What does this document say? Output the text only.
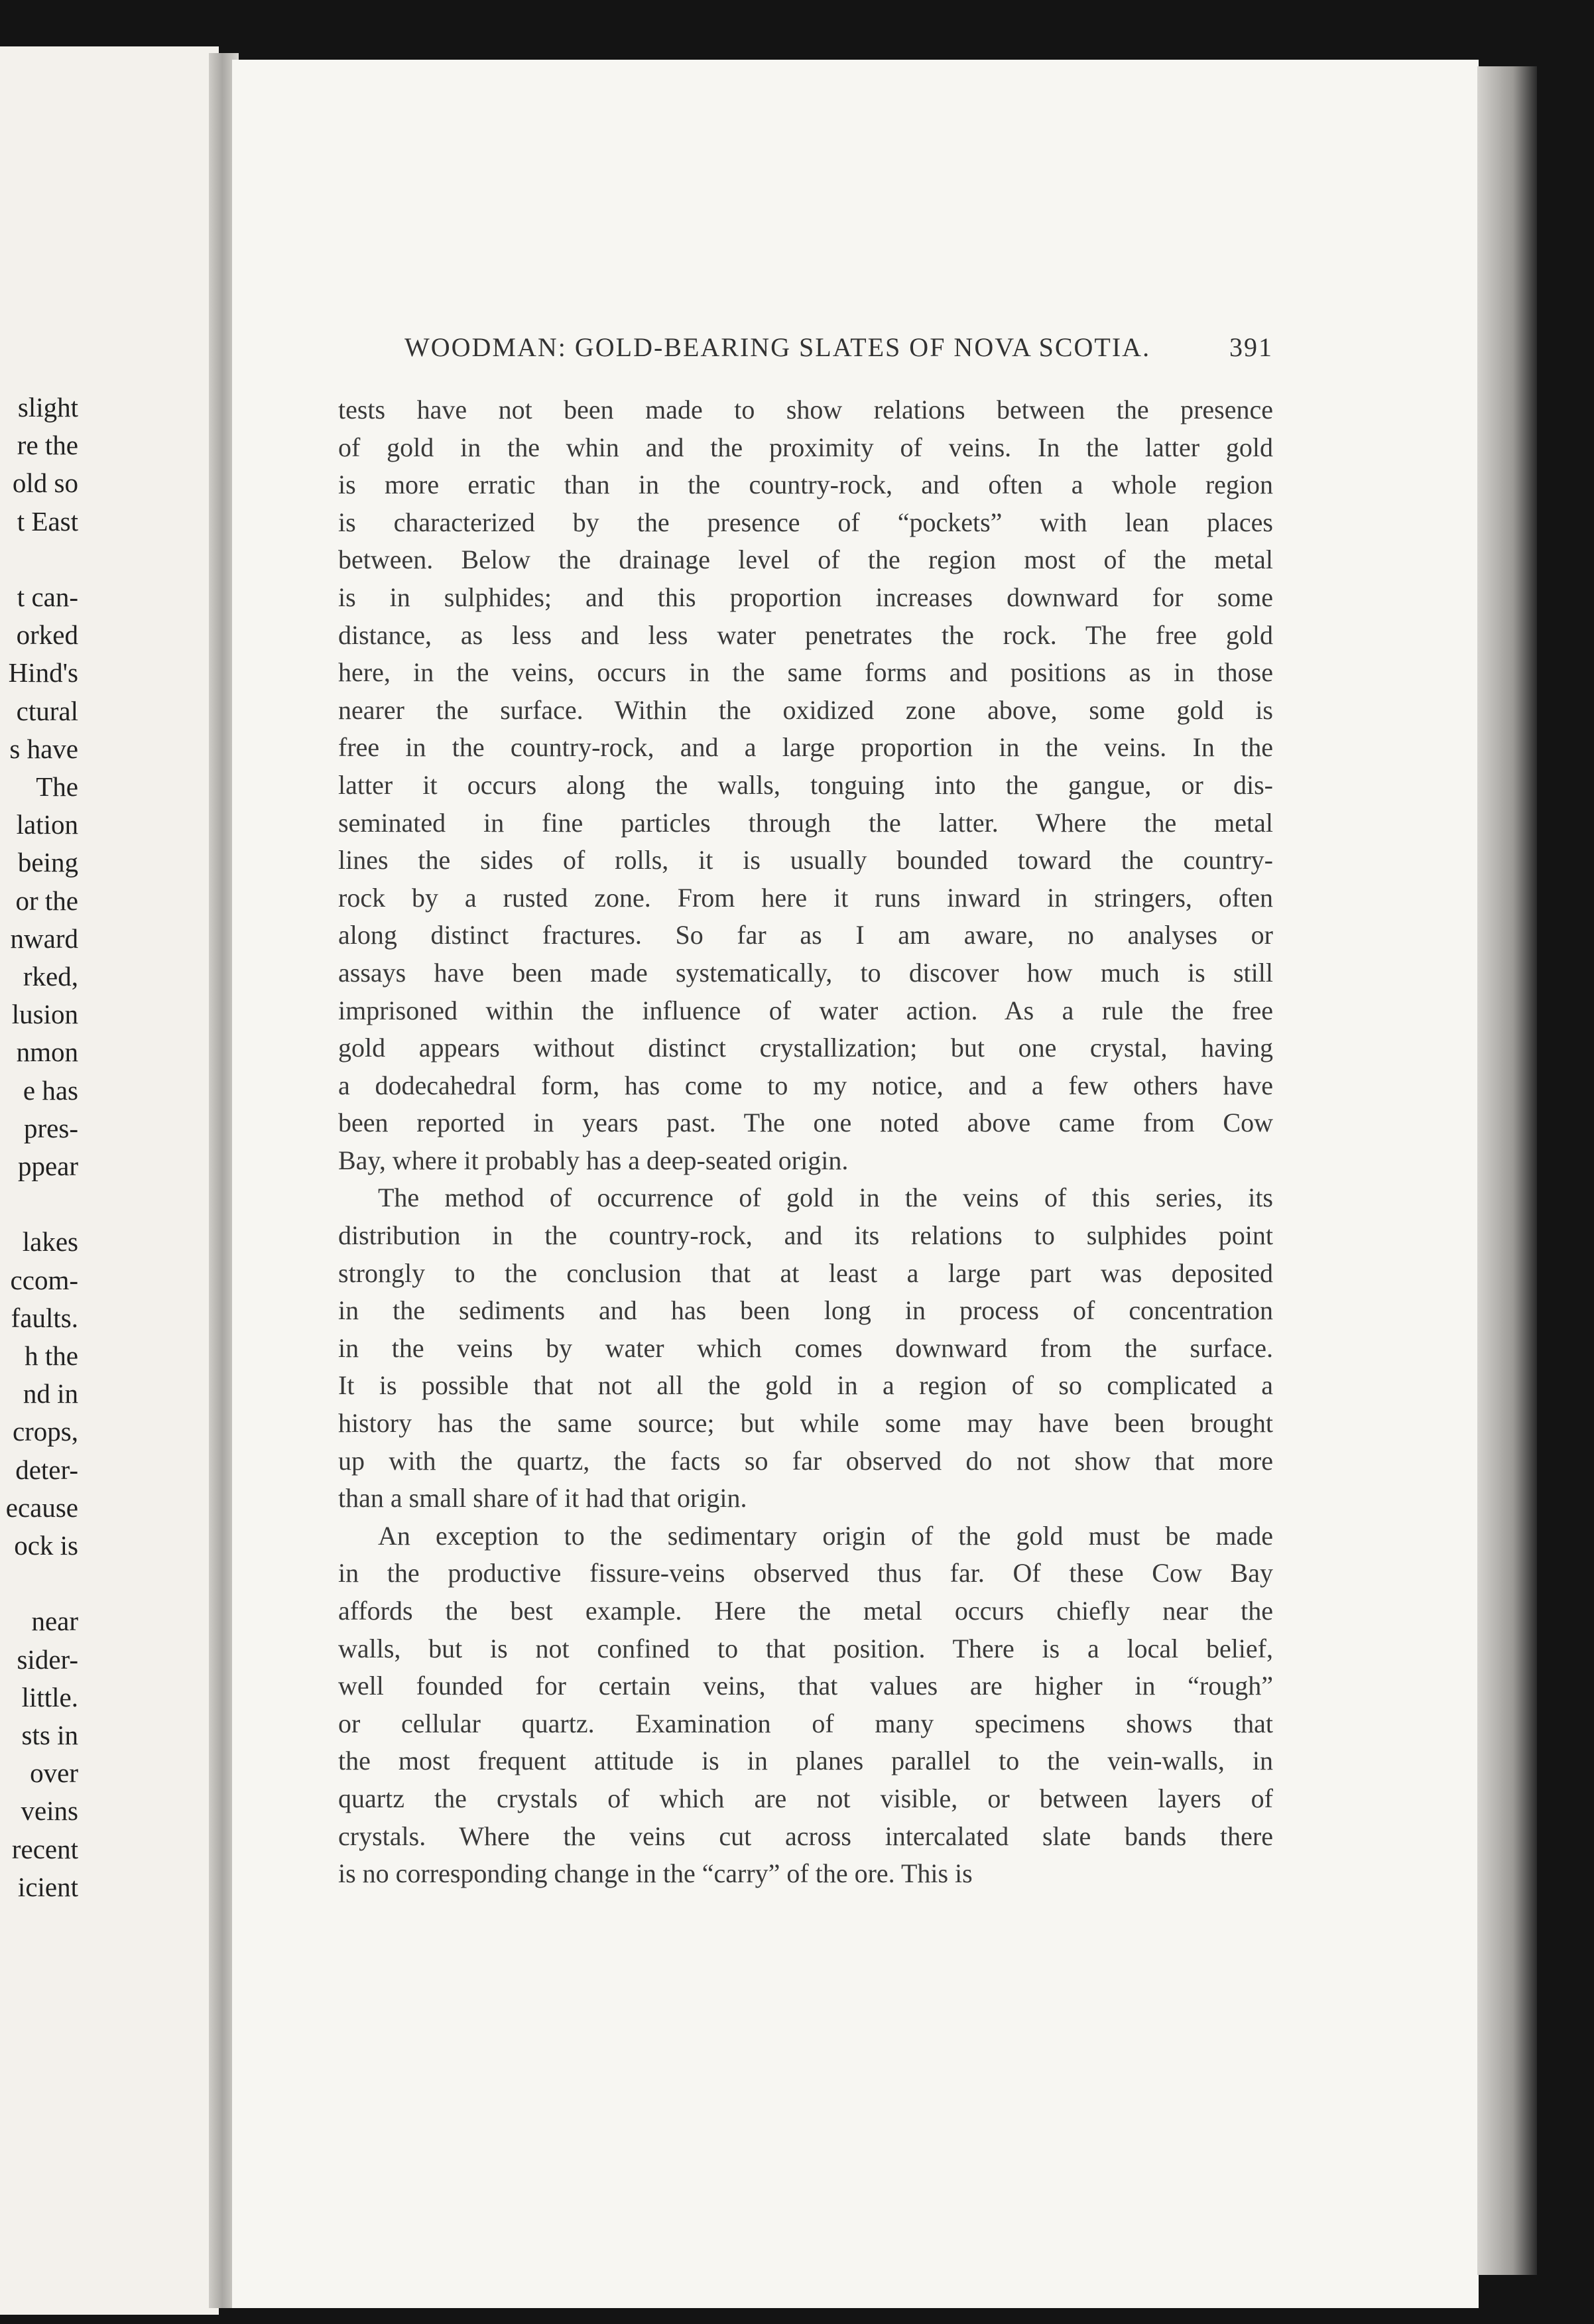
slight
re the
old so
t East
t can-
orked
Hind's
ctural
s have
The
lation
being
or the
nward
rked,
lusion
nmon
e has
pres-
ppear
lakes
ccom-
faults.
h the
nd in
crops,
deter-
ecause
ock is
near
sider-
little.
sts in
over
veins
recent
icient
WOODMAN: GOLD-BEARING SLATES OF NOVA SCOTIA.	391
tests have not been made to show relations between the presence
of gold in the whin and the proximity of veins. In the latter gold
is more erratic than in the country-rock, and often a whole region
is characterized by the presence of “pockets” with lean places
between. Below the drainage level of the region most of the metal
is in sulphides; and this proportion increases downward for some
distance, as less and less water penetrates the rock. The free gold
here, in the veins, occurs in the same forms and positions as in those
nearer the surface. Within the oxidized zone above, some gold is
free in the country-rock, and a large proportion in the veins. In the
latter it occurs along the walls, tonguing into the gangue, or dis-
seminated in fine particles through the latter. Where the metal
lines the sides of rolls, it is usually bounded toward the country-
rock by a rusted zone. From here it runs inward in stringers, often
along distinct fractures. So far as I am aware, no analyses or
assays have been made systematically, to discover how much is still
imprisoned within the influence of water action. As a rule the free
gold appears without distinct crystallization; but one crystal, having
a dodecahedral form, has come to my notice, and a few others have
been reported in years past. The one noted above came from Cow
Bay, where it probably has a deep-seated origin.
The method of occurrence of gold in the veins of this series, its
distribution in the country-rock, and its relations to sulphides point
strongly to the conclusion that at least a large part was deposited
in the sediments and has been long in process of concentration
in the veins by water which comes downward from the surface.
It is possible that not all the gold in a region of so complicated a
history has the same source; but while some may have been brought
up with the quartz, the facts so far observed do not show that more
than a small share of it had that origin.
An exception to the sedimentary origin of the gold must be made
in the productive fissure-veins observed thus far. Of these Cow Bay
affords the best example. Here the metal occurs chiefly near the
walls, but is not confined to that position. There is a local belief,
well founded for certain veins, that values are higher in “rough”
or cellular quartz. Examination of many specimens shows that
the most frequent attitude is in planes parallel to the vein-walls, in
quartz the crystals of which are not visible, or between layers of
crystals. Where the veins cut across intercalated slate bands there
is no corresponding change in the “carry” of the ore. This is
